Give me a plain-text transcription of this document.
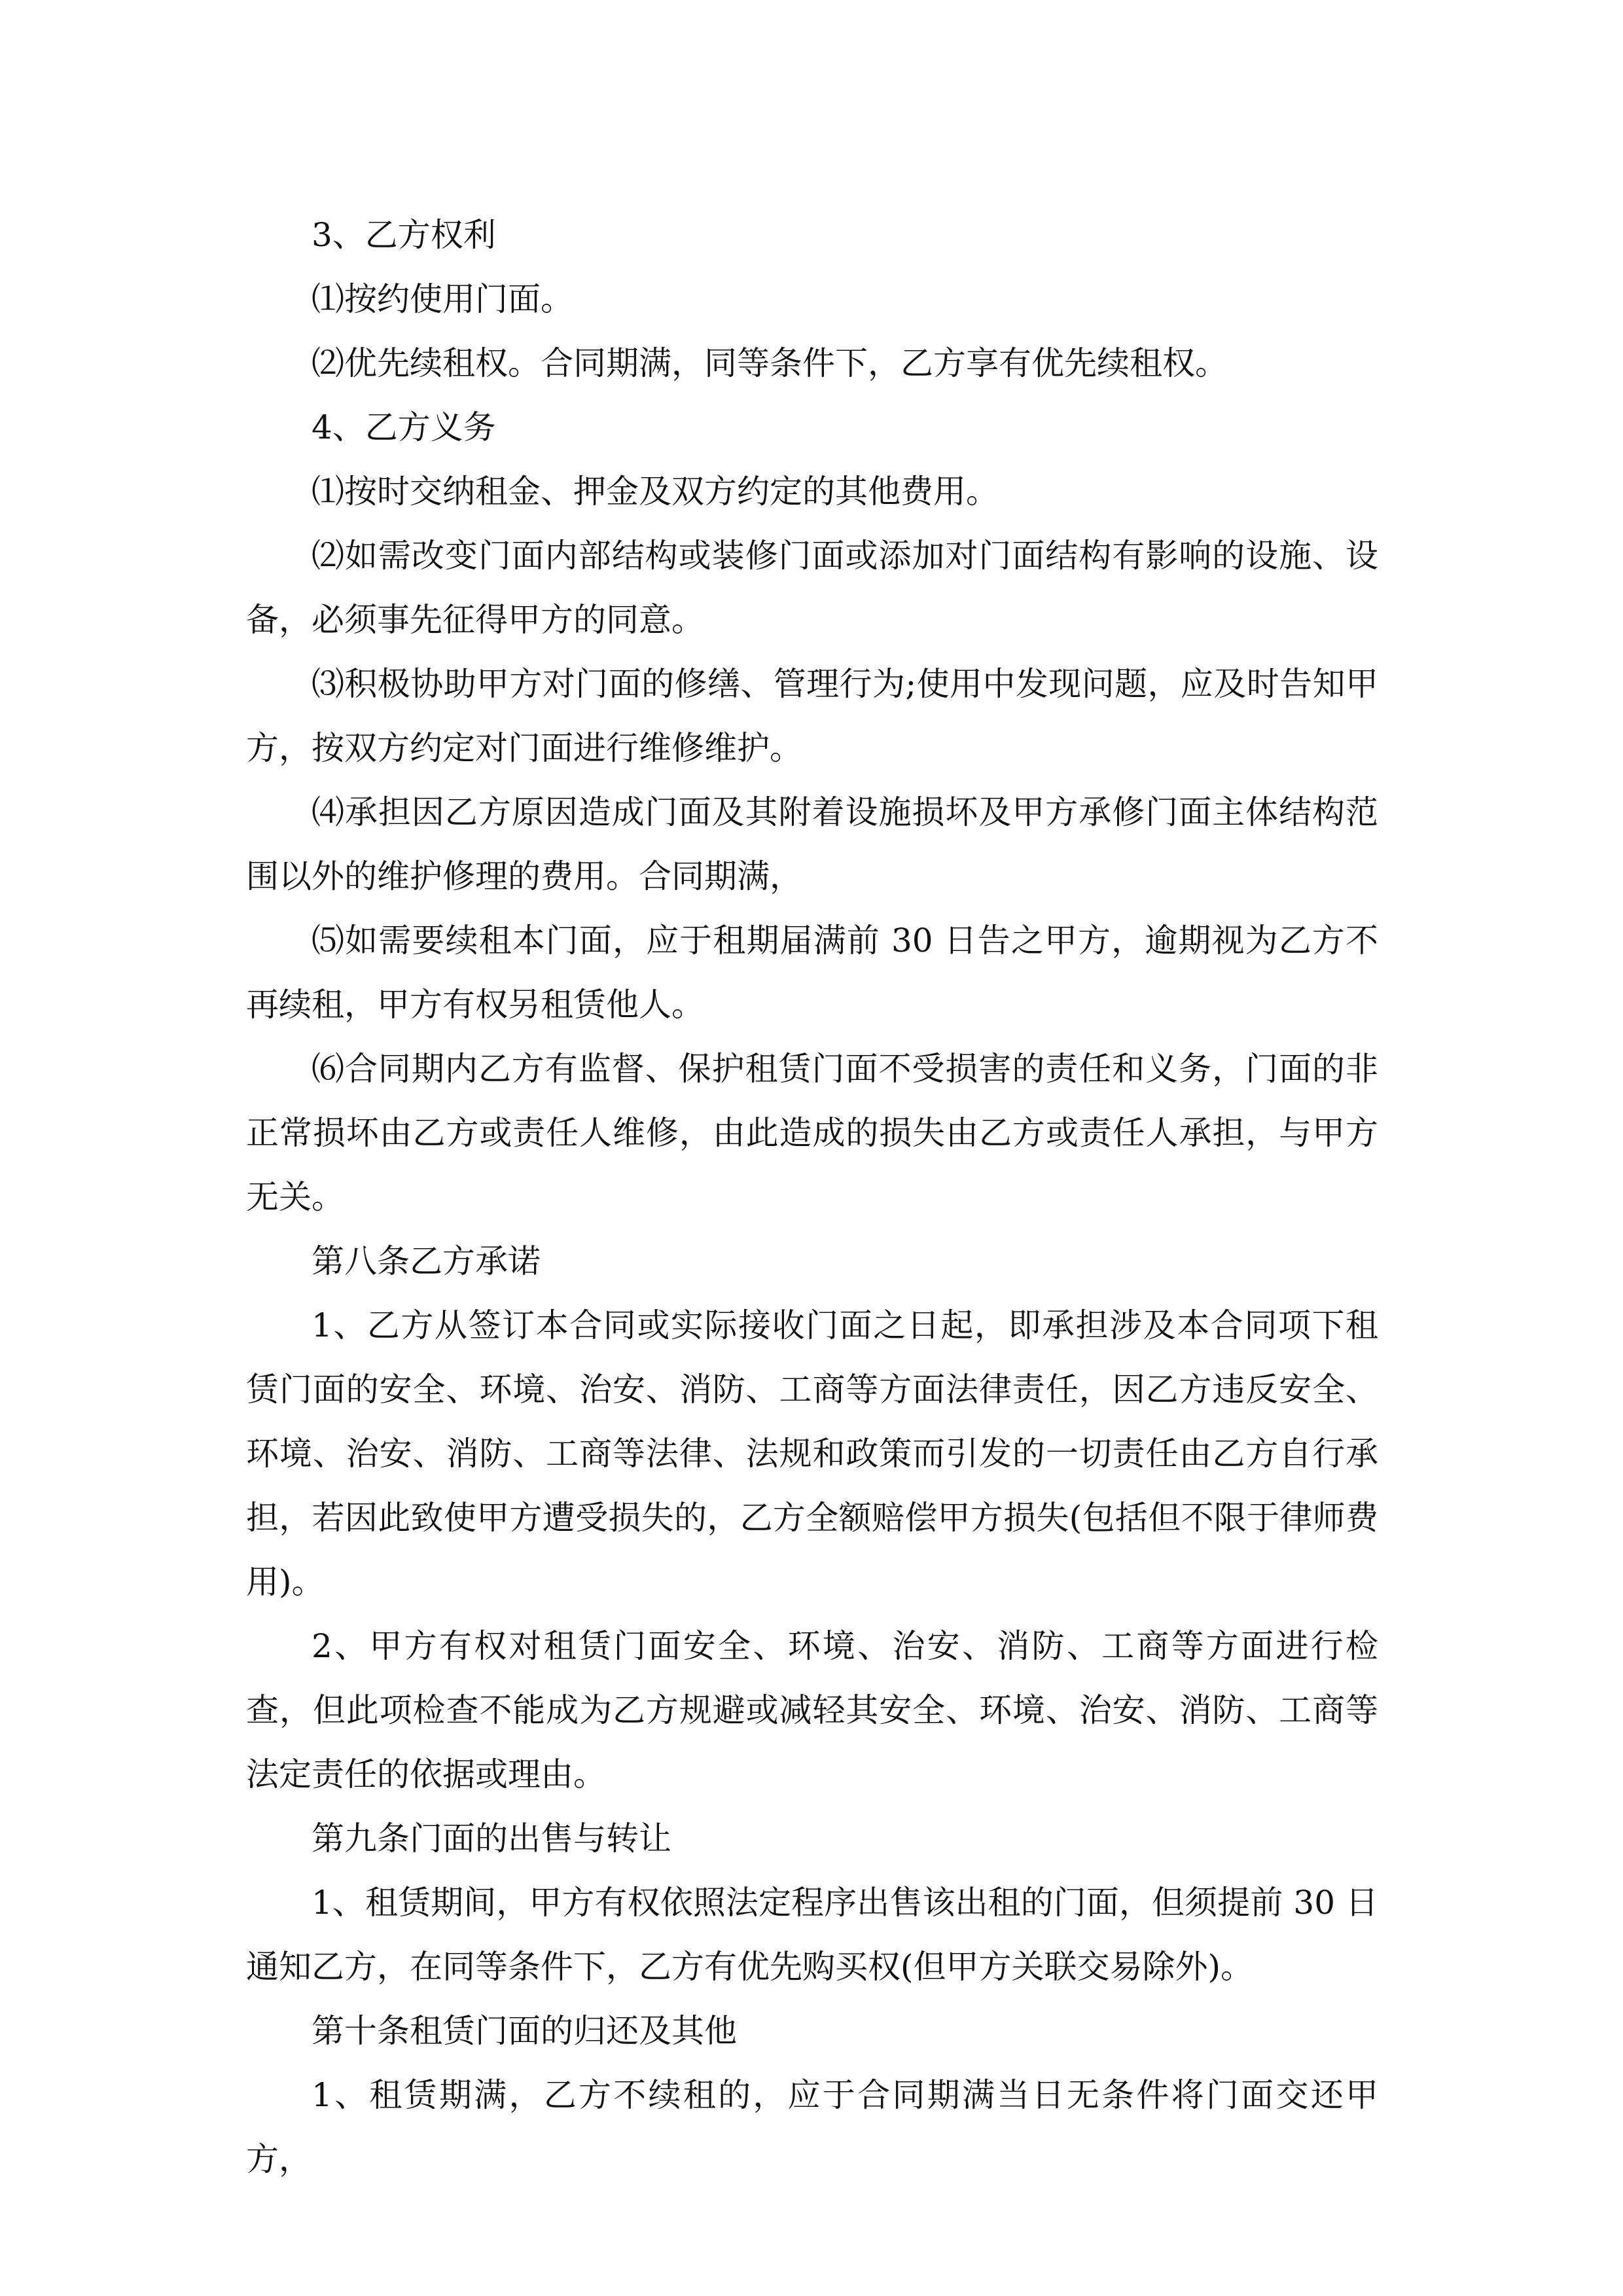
3、乙方权利

⑴按约使用门面。

⑵优先续租权。合同期满，同等条件下，乙方享有优先续租权。

4、乙方义务

⑴按时交纳租金、押金及双方约定的其他费用。

⑵如需改变门面内部结构或装修门面或添加对门面结构有影响的设施、设备，必须事先征得甲方的同意。

⑶积极协助甲方对门面的修缮、管理行为;使用中发现问题，应及时告知甲方，按双方约定对门面进行维修维护。

⑷承担因乙方原因造成门面及其附着设施损坏及甲方承修门面主体结构范围以外的维护修理的费用。合同期满，

⑸如需要续租本门面，应于租期届满前 30 日告之甲方，逾期视为乙方不再续租，甲方有权另租赁他人。

⑹合同期内乙方有监督、保护租赁门面不受损害的责任和义务，门面的非正常损坏由乙方或责任人维修，由此造成的损失由乙方或责任人承担，与甲方无关。

第八条乙方承诺

1、乙方从签订本合同或实际接收门面之日起，即承担涉及本合同项下租赁门面的安全、环境、治安、消防、工商等方面法律责任，因乙方违反安全、环境、治安、消防、工商等法律、法规和政策而引发的一切责任由乙方自行承担，若因此致使甲方遭受损失的，乙方全额赔偿甲方损失(包括但不限于律师费用)。

2、甲方有权对租赁门面安全、环境、治安、消防、工商等方面进行检查，但此项检查不能成为乙方规避或减轻其安全、环境、治安、消防、工商等法定责任的依据或理由。

第九条门面的出售与转让

1、租赁期间，甲方有权依照法定程序出售该出租的门面，但须提前 30 日通知乙方，在同等条件下，乙方有优先购买权(但甲方关联交易除外)。

第十条租赁门面的归还及其他

1、租赁期满，乙方不续租的，应于合同期满当日无条件将门面交还甲方，
